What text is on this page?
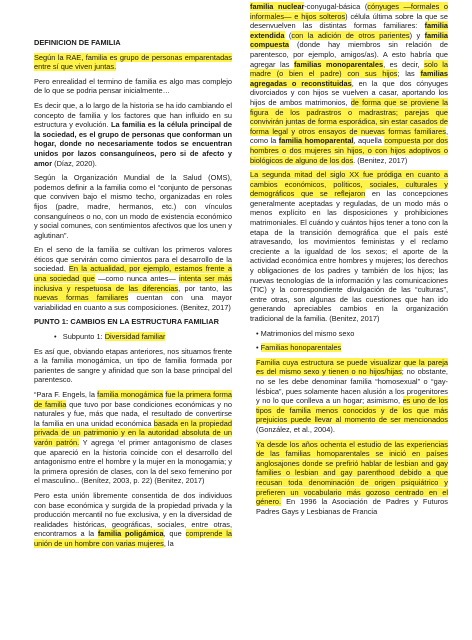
DEFINICION DE FAMILIA

Según la RAE, familia es grupo de personas emparentadas entre sí que viven juntas.

Pero enrealidad el termino de familia es algo mas complejo de lo que se podria pensar inicialmente…

Es decir que, a lo largo de la historia se ha ido cambiando el concepto de familia y los factores que han influido en su estructura y evolución. La familia es la célula principal de la sociedad, es el grupo de personas que conforman un hogar, donde no necesariamente todos se encuentran unidos por lazos consanguíneos, pero si de afecto y amor (Díaz, 2020).

Según la Organización Mundial de la Salud (OMS), podemos definir a la familia como el “conjunto de personas que conviven bajo el mismo techo, organizadas en roles fijos (padre, madre, hermanos, etc.) con vínculos consanguíneos o no, con un modo de existencia económico y social comunes, con sentimientos afectivos que los unen y aglutinan”.

En el seno de la familia se cultivan los primeros valores éticos que servirán como cimientos para el desarrollo de la sociedad. En la actualidad, por ejemplo, estamos frente a una sociedad que —como nunca antes— intenta ser más inclusiva y respetuosa de las diferencias, por tanto, las nuevas formas familiares cuentan con una mayor variabilidad en cuanto a sus composiciones. (Benitez, 2017)

PUNTO 1: CAMBIOS EN LA ESTRUCTURA FAMILIAR
• Subpunto 1: Diversidad familiar

Es así que, obviando etapas anteriores, nos situamos frente a la familia monogámica, un tipo de familia formada por parientes de sangre y afinidad que son la base principal del parentesco.

“Para F. Engels, la familia monogámica fue la primera forma de familia que tuvo por base condiciones económicas y no naturales y fue, más que nada, el resultado de convertirse la familia en una unidad económica basada en la propiedad privada de un patrimonio y en la autoridad absoluta de un varón patrón. Y agrega ‘el primer antagonismo de clases que apareció en la historia coincide con el desarrollo del antagonismo entre el hombre y la mujer en la monogamia; y la primera opresión de clases, con la del sexo femenino por el masculino.. (Benítez, 2003, p. 22) (Benitez, 2017)

Pero esta unión libremente consentida de dos individuos con base económica y surgida de la propiedad privada y la producción mercantil no fue exclusiva, y en la diversidad de realidades históricas, geográficas, sociales, entre otras, encontramos a la familia poligámica, que comprende la unión de un hombre con varias mujeres, la

familia nuclear-conyugal-básica (cónyuges —formales o informales— e hijos solteros) célula última sobre la que se desenvuelven las distintas formas familiares: familia extendida (con la adición de otros parientes) y familia compuesta (donde hay miembros sin relación de parentesco, por ejemplo, amigos/as). A esto habría que agregar las familias monoparentales, es decir, solo la madre (o bien el padre) con sus hijos; las familias agregadas o reconstituidas, en la que dos cónyuges divorciados y con hijos se vuelven a casar, aportando los hijos de ambos matrimonios, de forma que se proviene la figura de los padrastros o madrastras; parejas que convivirán juntas de forma esporádica, sin estar casados de forma legal y otros ensayos de nuevas formas familiares, como la familia homoparental, aquella compuesta por dos hombres o dos mujeres sin hijos, o con hijos adoptivos o biológicos de alguno de los dos. (Benitez, 2017)

La segunda mitad del siglo XX fue pródiga en cuanto a cambios económicos, políticos, sociales, culturales y demográficos que se reflejaron en las concepciones generalmente aceptadas y reguladas, de un modo más o menos explícito en las disposiciones y prohibiciones matrimoniales. El cuándo y cuántos hijos tener a tono con la etapa de la transición demográfica que el país esté atravesando, los movimientos feministas y el reclamo creciente a la igualdad de los sexos; el aporte de la actividad económica entre hombres y mujeres; los derechos y obligaciones de los padres y también de los hijos; las nuevas tecnologías de la información y las comunicaciones (TIC) y la correspondiente divulgación de las “culturas”, entre otras, son algunas de las cuestiones que han ido generando apreciables cambios en la organización tradicional de la familia. (Benitez, 2017)

• Matrimonios del mismo sexo
• Familias honoparentales

Familia cuya estructura se puede visualizar que la pareja es del mismo sexo y tienen o no hijos/hijas; no obstante, no se les debe denominar familia “homosexual” o “gay-lésbica”, pues solamente hacen alusión a los progenitores y no lo que conlleva a un hogar; asimismo, es uno de los tipos de familia menos conocidos y de los que más prejuicios puede llevar al momento de ser mencionados (González, et al., 2004).

Ya desde los años ochenta el estudio de las experiencias de las familias homoparentales se inició en países anglosajones donde se prefirió hablar de lesbian and gay families o lesbian and gay parenthood debido a que recusan toda denominación de origen psiquiátrico y prefieren un vocabulario más gozoso centrado en el género. En 1996 la Asociación de Padres y Futuros Padres Gays y Lesbianas de Francia
